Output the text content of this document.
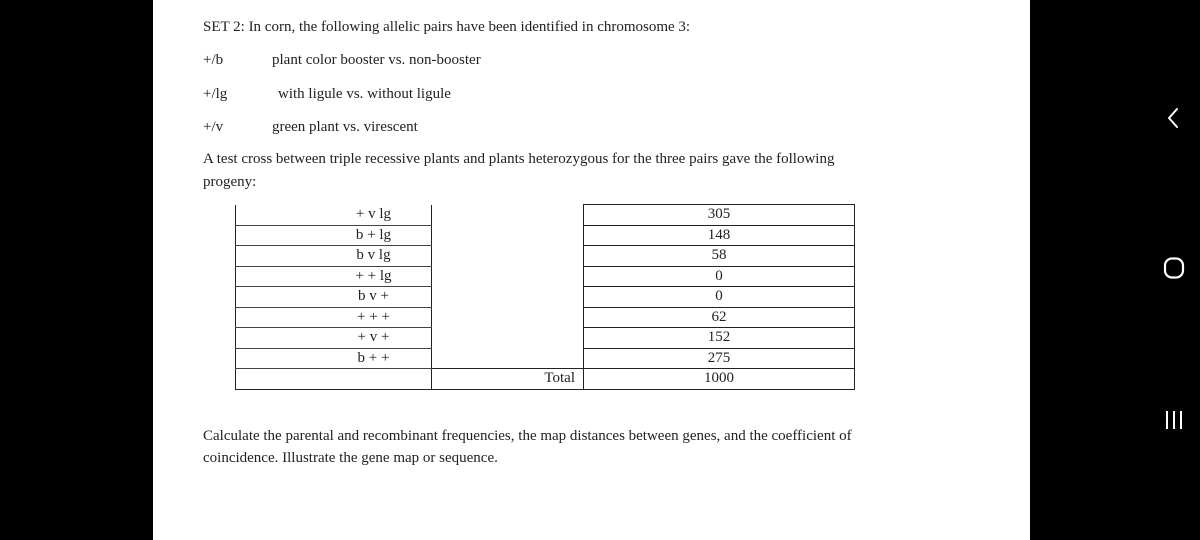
SET 2: In corn, the following allelic pairs have been identified in chromosome 3:
+/b	plant color booster vs. non-booster
+/lg	with ligule vs. without ligule
+/v	green plant vs. virescent
A test cross between triple recessive plants and plants heterozygous for the three pairs gave the following
progeny:
+ v lg		305
b + lg		148
b v lg		58
+ + lg		0
b v +		0
+ + +		62
+ v +		152
b + +		275
	Total	1000
Calculate the parental and recombinant frequencies, the map distances between genes, and the coefficient of
coincidence. Illustrate the gene map or sequence.
